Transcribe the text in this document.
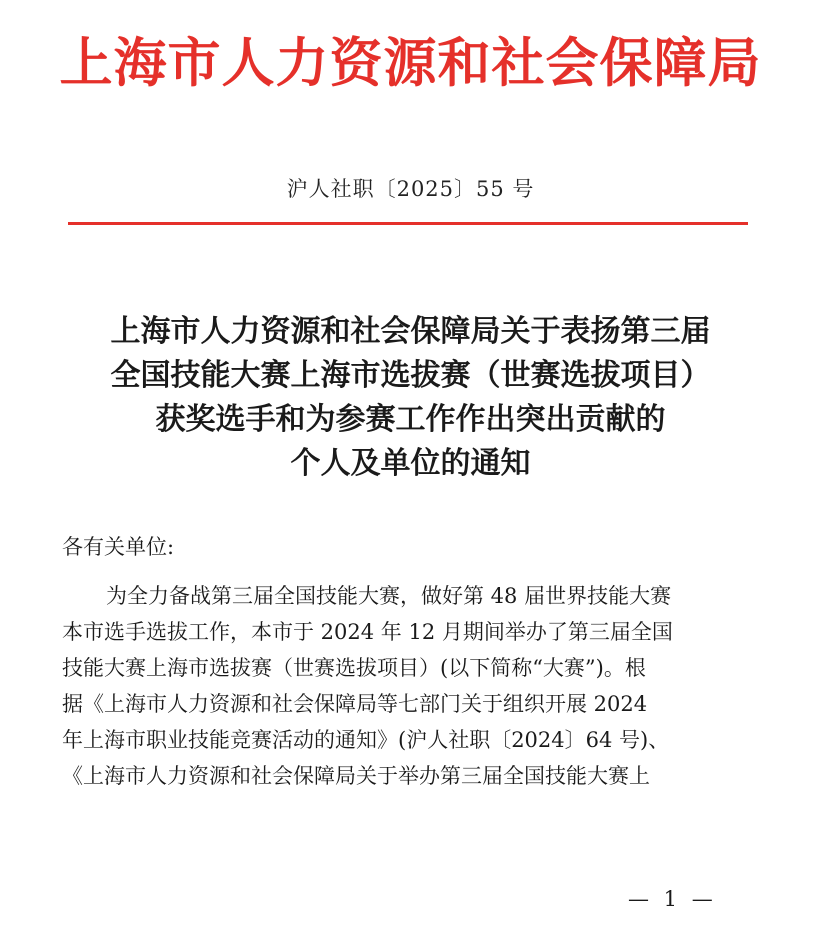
上海市人力资源和社会保障局
沪人社职〔2025〕55 号
上海市人力资源和社会保障局关于表扬第三届
全国技能大赛上海市选拔赛（世赛选拔项目）
获奖选手和为参赛工作作出突出贡献的
个人及单位的通知
各有关单位:
为全力备战第三届全国技能大赛，做好第 48 届世界技能大赛
本市选手选拔工作，本市于 2024 年 12 月期间举办了第三届全国
技能大赛上海市选拔赛（世赛选拔项目）(以下简称“大赛”)。根
据《上海市人力资源和社会保障局等七部门关于组织开展 2024
年上海市职业技能竞赛活动的通知》(沪人社职〔2024〕64 号)、
《上海市人力资源和社会保障局关于举办第三届全国技能大赛上
— 1 —
